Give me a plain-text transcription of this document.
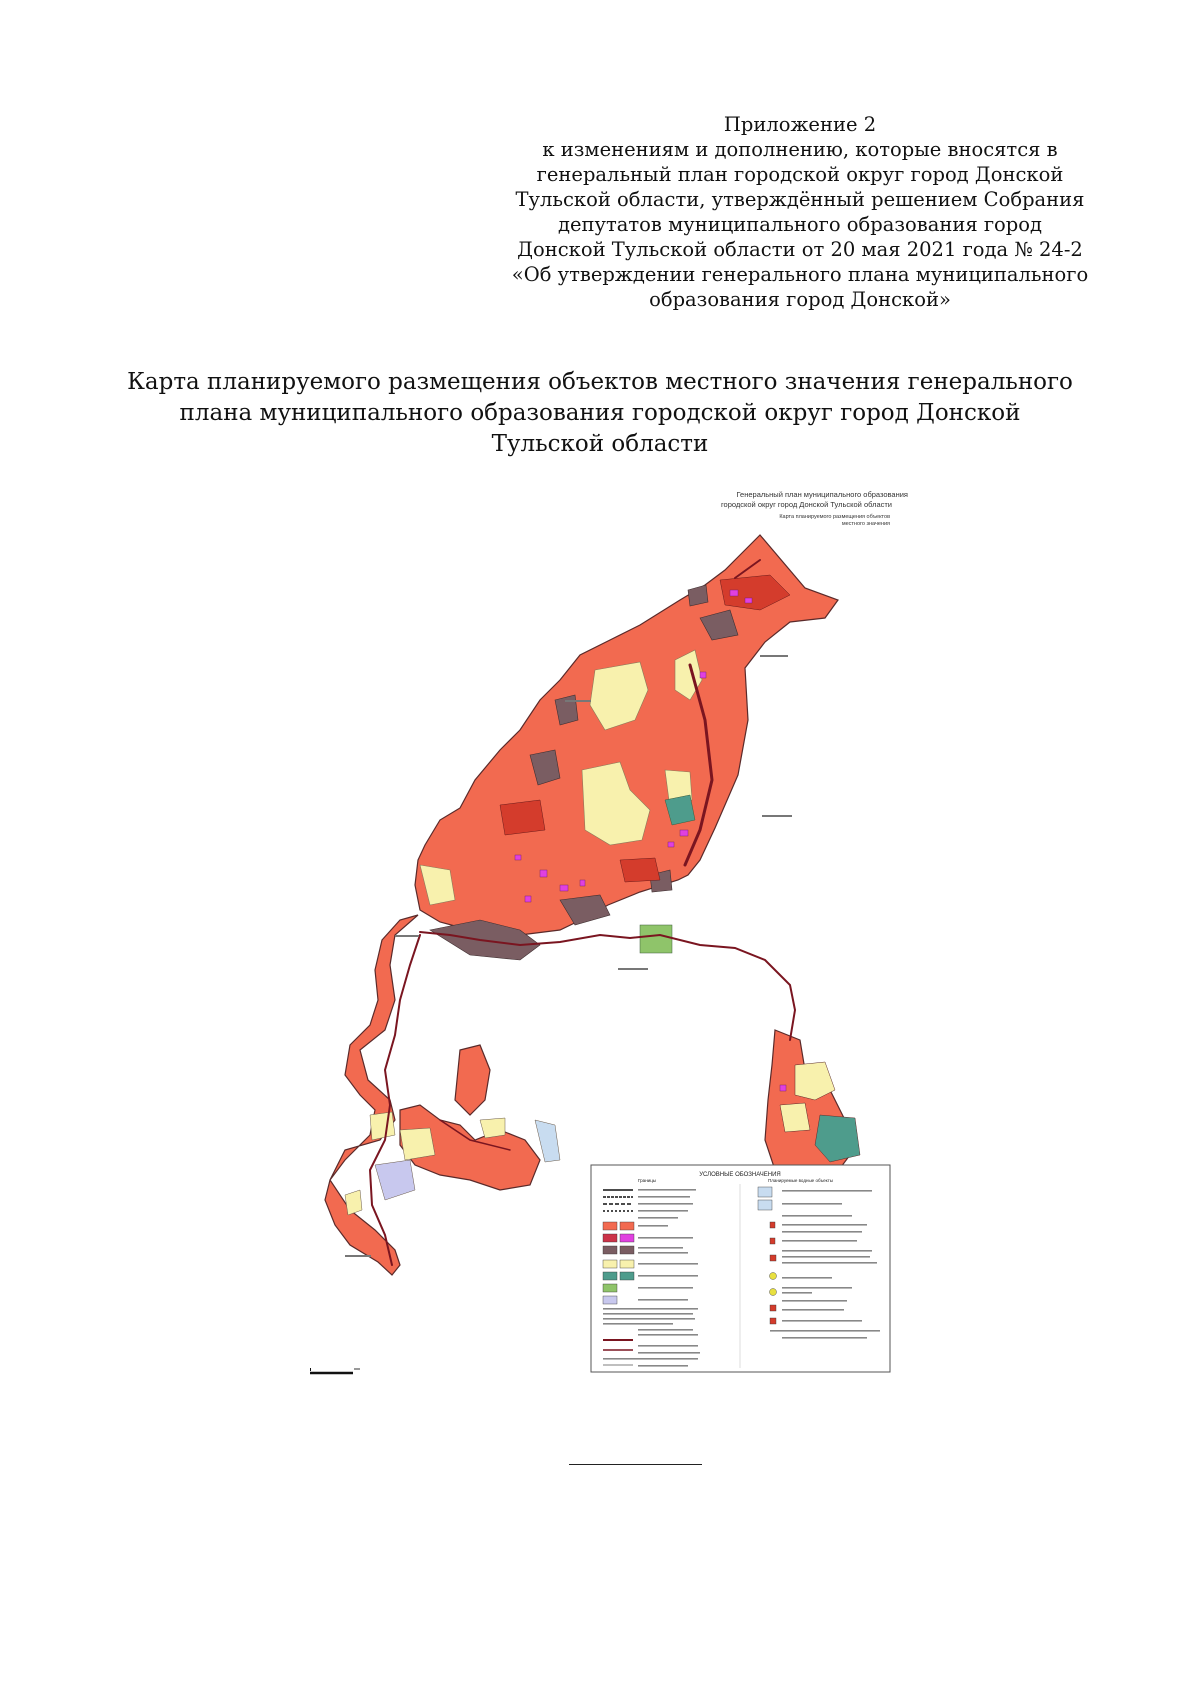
Приложение 2
к изменениям и дополнению, которые вносятся в
генеральный план городской округ город Донской
Тульской области, утверждённый решением Собрания
депутатов муниципального образования город
Донской Тульской области от 20 мая 2021 года № 24-2
«Об утверждении генерального плана муниципального
образования город Донской»
Карта планируемого размещения объектов местного значения генерального
плана муниципального образования городской округ город Донской
Тульской области
Генеральный план муниципального образования
городской округ город Донской Тульской области
Карта планируемого размещения объектов
местного значения
УСЛОВНЫЕ ОБОЗНАЧЕНИЯ
Границы	Планируемые водные объекты
